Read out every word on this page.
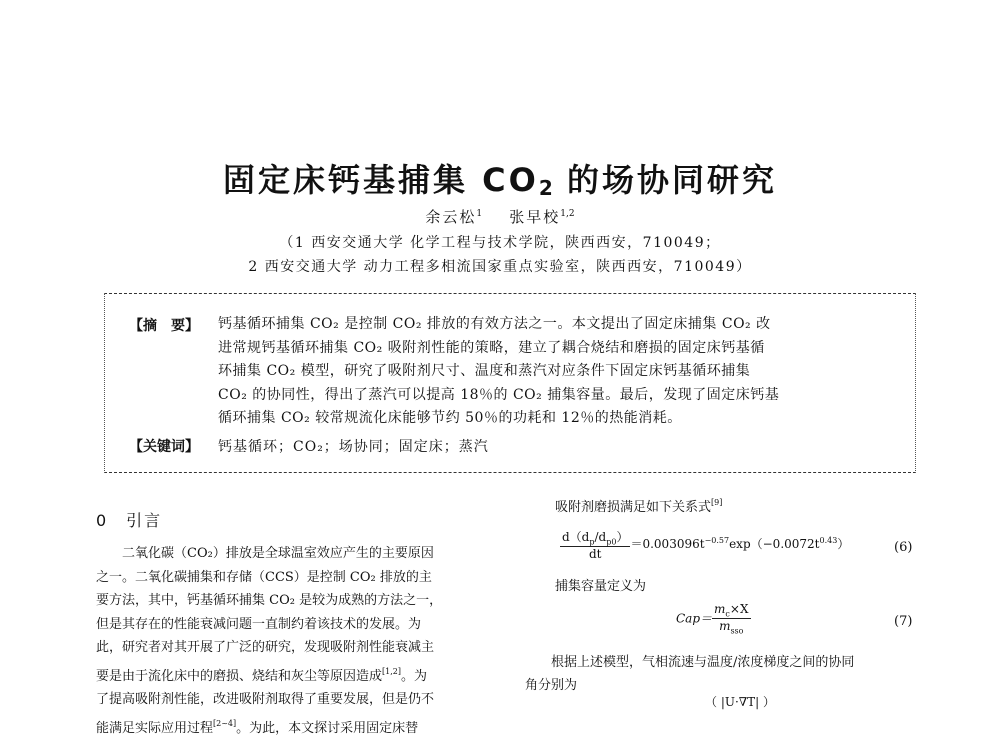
固定床钙基捕集 $CO_2$ 的场协同研究
余云松$^1$ 张早校$^{1,2}$
（1 西安交通大学 化学工程与技术学院，陕西西安，710049；
2 西安交通大学 动力工程多相流国家重点实验室，陕西西安，710049）
【摘　要】 钙基循环捕集 CO₂ 是控制 CO₂ 排放的有效方法之一。本文提出了固定床捕集 CO₂ 改
进常规钙基循环捕集 CO₂ 吸附剂性能的策略，建立了耦合烧结和磨损的固定床钙基循
环捕集 CO₂ 模型，研究了吸附剂尺寸、温度和蒸汽对应条件下固定床钙基循环捕集
CO₂ 的协同性，得出了蒸汽可以提高 18％的 CO₂ 捕集容量。最后，发现了固定床钙基
循环捕集 CO₂ 较常规流化床能够节约 50％的功耗和 12％的热能消耗。
【关键词】 钙基循环；CO₂；场协同；固定床；蒸汽
0　引言
　　二氧化碳（CO₂）排放是全球温室效应产生的主要原因
之一。二氧化碳捕集和存储（CCS）是控制 CO₂ 排放的主
要方法，其中，钙基循环捕集 CO₂ 是较为成熟的方法之一，
但是其存在的性能衰减问题一直制约着该技术的发展。为
此，研究者对其开展了广泛的研究，发现吸附剂性能衰减主
要是由于流化床中的磨损、烧结和灰尘等原因造成[1,2]。为
了提高吸附剂性能，改进吸附剂取得了重要发展，但是仍不
能满足实际应用过程[2~4]。为此，本文探讨采用固定床替
吸附剂磨损满足如下关系式[9]
$\frac{d(d_p/d_{p0})}{dt} =0.003096t^{-0.57}\exp(-0.0072t^{0.43})$	(6)
捕集容量定义为
$Cap= \frac{m_c\times X}{m_{sso}}$	(7)
　　根据上述模型，气相流速与温度/浓度梯度之间的协同
角分别为
（ |U·∇T| ）
